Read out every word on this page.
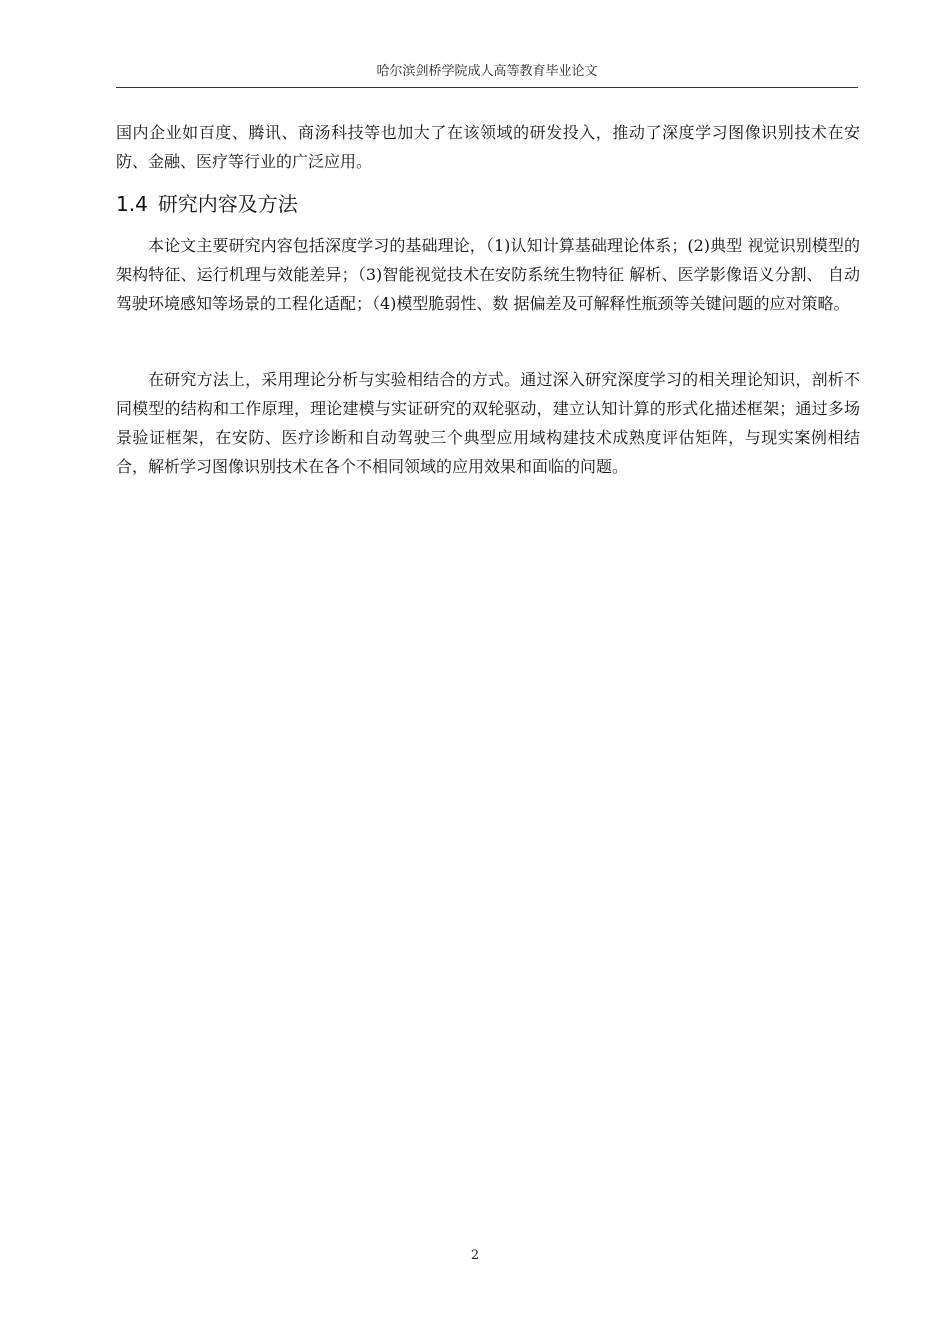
哈尔滨剑桥学院成人高等教育毕业论文
国内企业如百度、腾讯、商汤科技等也加大了在该领域的研发投入，推动了深度学习图像识别技术在安防、金融、医疗等行业的广泛应用。
1.4 研究内容及方法
本论文主要研究内容包括深度学习的基础理论，（1)认知计算基础理论体系；(2)典型 视觉识别模型的架构特征、运行机理与效能差异；（3)智能视觉技术在安防系统生物特征 解析、医学影像语义分割、 自动驾驶环境感知等场景的工程化适配；（4)模型脆弱性、数 据偏差及可解释性瓶颈等关键问题的应对策略。
在研究方法上，采用理论分析与实验相结合的方式。通过深入研究深度学习的相关理论知识，剖析不同模型的结构和工作原理，理论建模与实证研究的双轮驱动，建立认知计算的形式化描述框架；通过多场景验证框架，在安防、医疗诊断和自动驾驶三个典型应用域构建技术成熟度评估矩阵，与现实案例相结合，解析学习图像识别技术在各个不相同领域的应用效果和面临的问题。
2
